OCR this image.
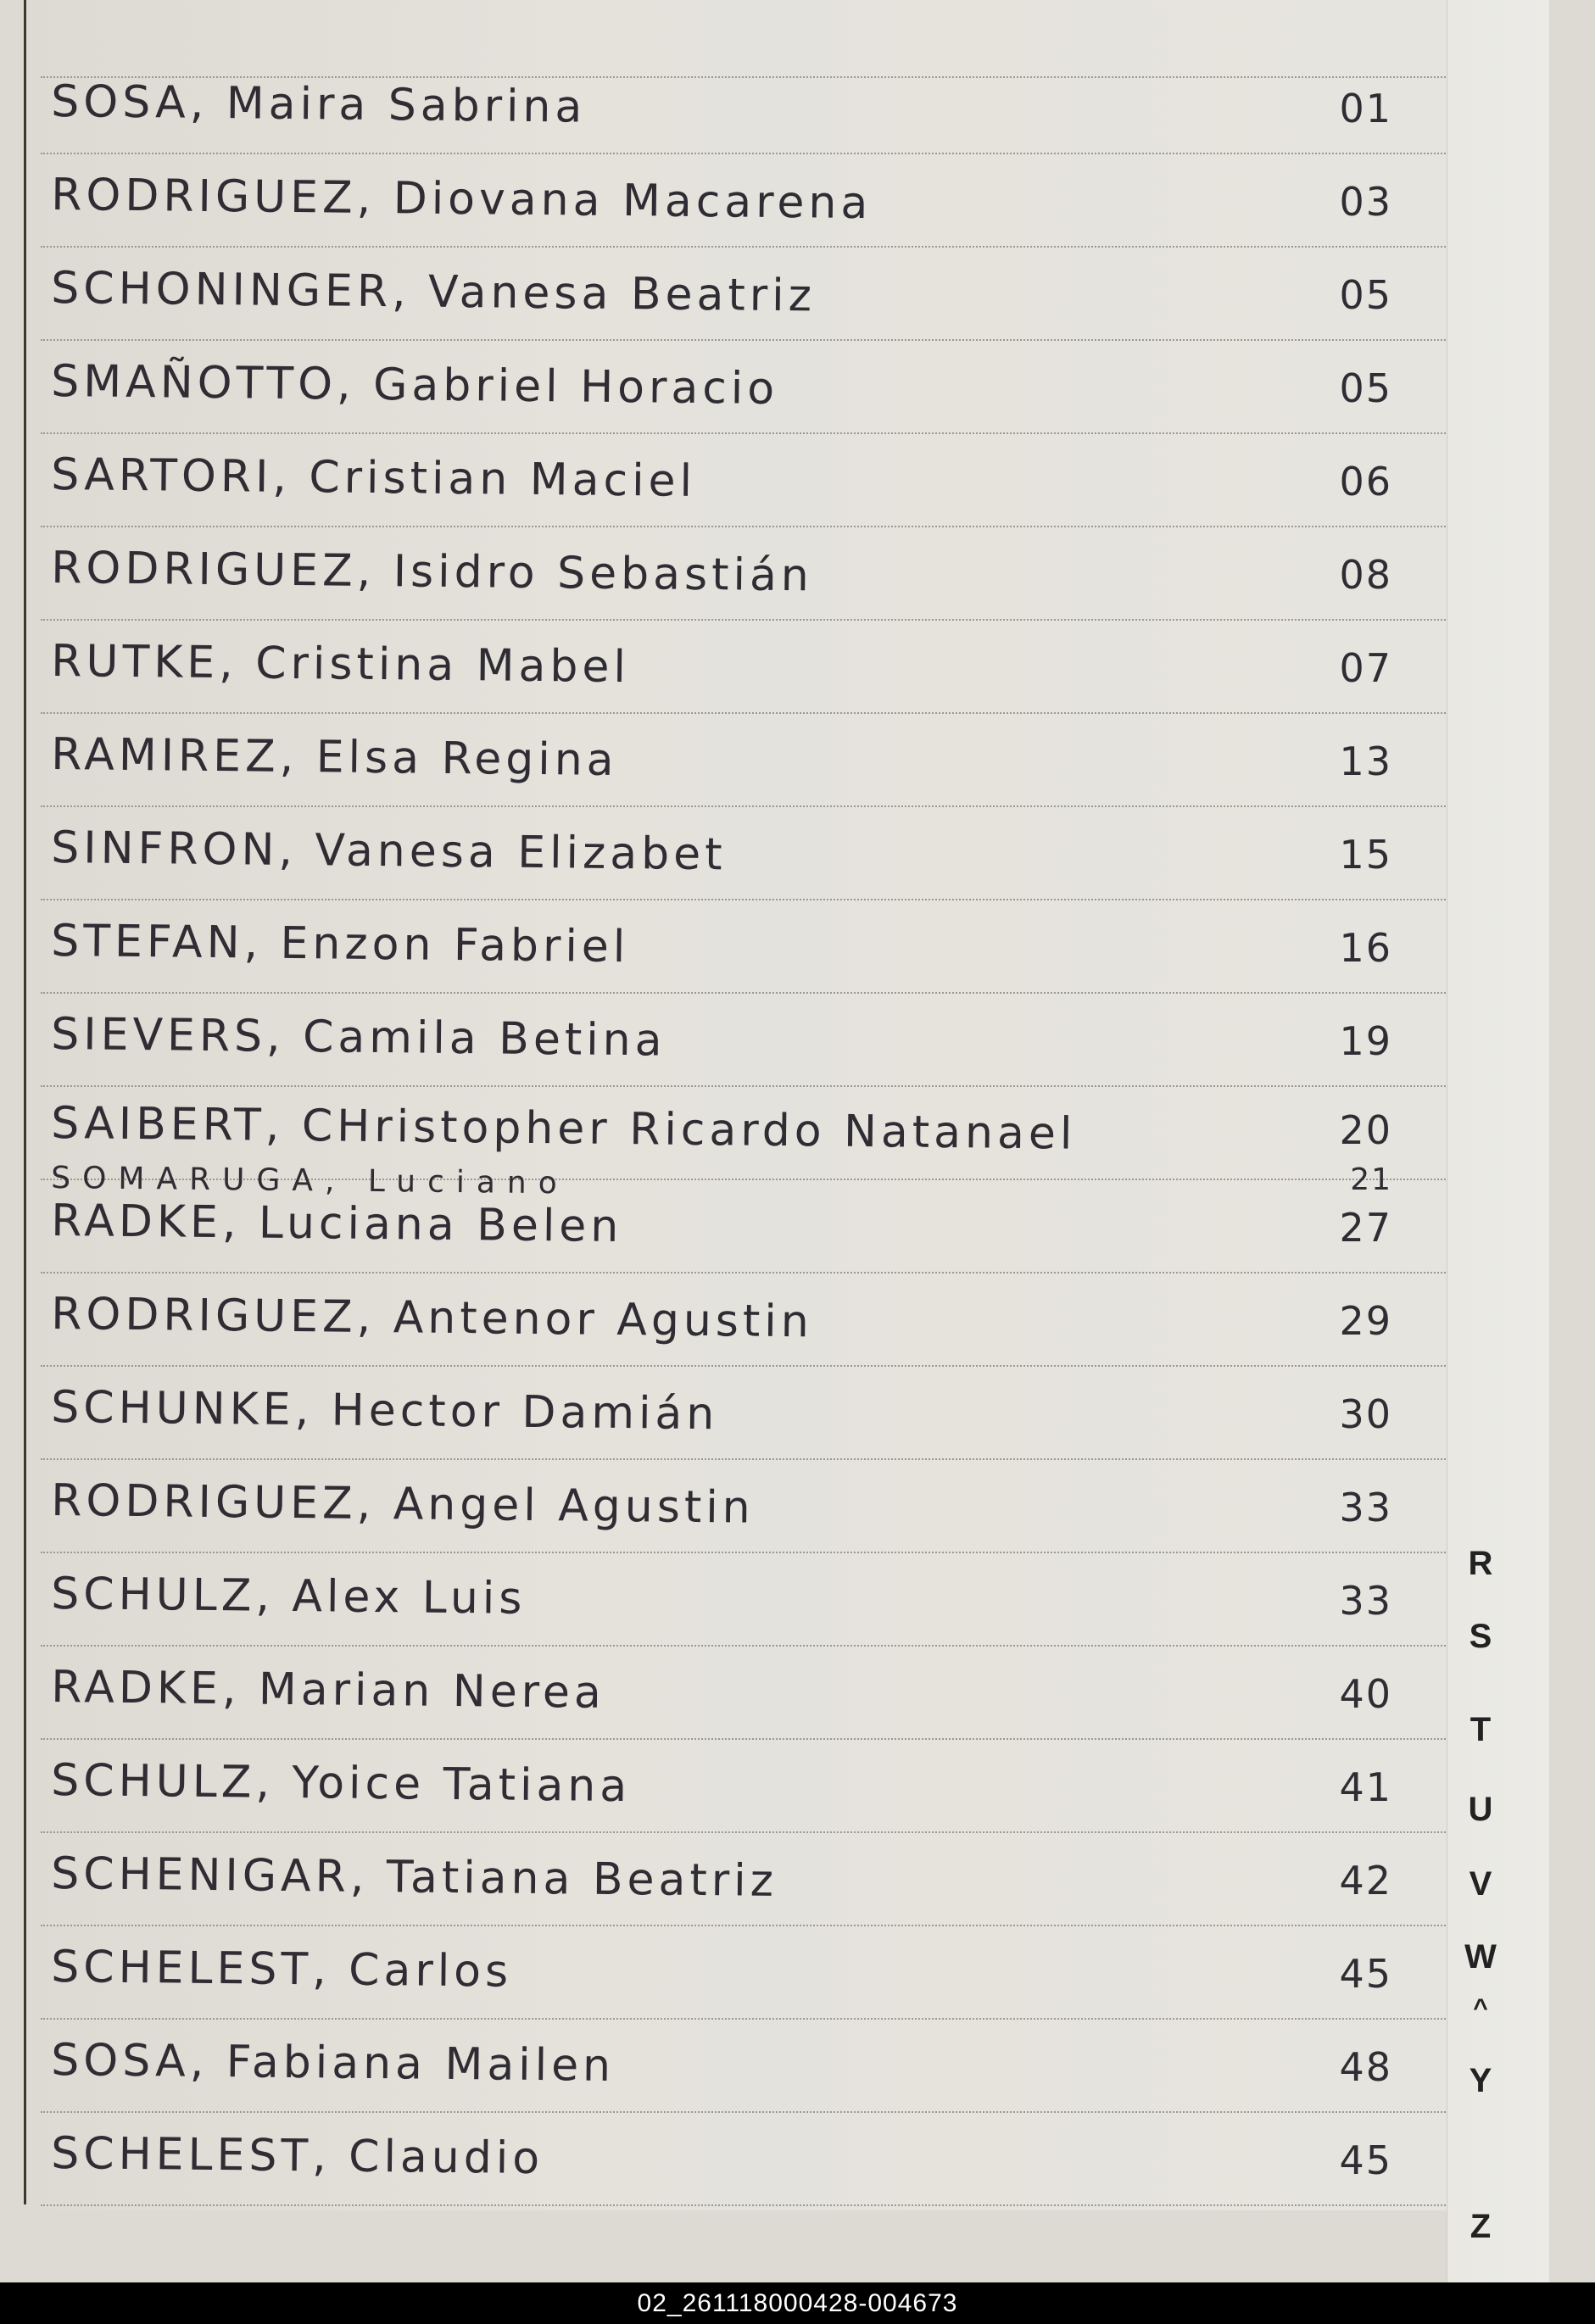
SOSA, Maira Sabrina	01
RODRIGUEZ, Diovana Macarena	03
SCHONINGER, Vanesa Beatriz	05
SMAÑOTTO, Gabriel Horacio	05
SARTORI, Cristian Maciel	06
RODRIGUEZ, Isidro Sebastián	08
RUTKE, Cristina Mabel	07
RAMIREZ, Elsa Regina	13
SINFRON, Vanesa Elizabet	15
STEFAN, Enzon Fabriel	16
SIEVERS, Camila Betina	19
SAIBERT, CHristopher Ricardo Natanael	20
SOMARUGA, Luciano	21
RADKE, Luciana Belen	27
RODRIGUEZ, Antenor Agustin	29
SCHUNKE, Hector Damián	30
RODRIGUEZ, Angel Agustin	33
SCHULZ, Alex Luis	33
RADKE, Marian Nerea	40
SCHULZ, Yoice Tatiana	41
SCHENIGAR, Tatiana Beatriz	42
SCHELEST, Carlos	45
SOSA, Fabiana Mailen	48
SCHELEST, Claudio	45
R
S
T
U
V
W
^
Y
Z
02_261118000428-004673
